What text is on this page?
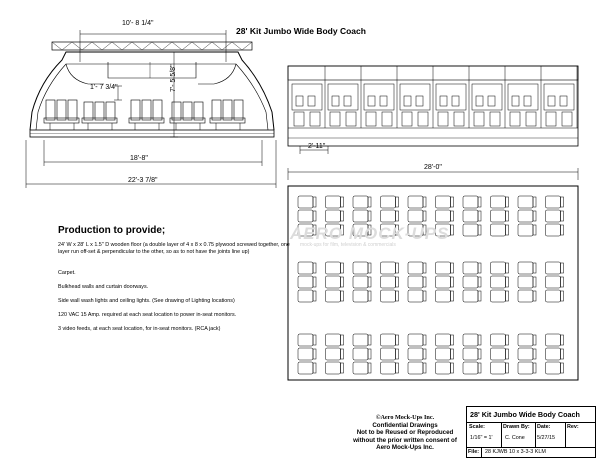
AERO MOCK-UPS
mock-ups for film, television & commercials
28' Kit Jumbo Wide Body Coach
10'- 8 1/4"
1'- 7 3/4"	7'- 5 5/8"
18'-8"
22'-3 7/8"
2'-11"
28'-0"
Production to provide;
24' W x 28' L x 1.5" D wooden floor (a double layer of 4 x 8 x 0.75 plywood screwed together, one layer run off-set & perpendicular to the other, so as to not have the joints line up)
Carpet.
Bulkhead walls and curtain doorways.
Side wall wash lights and ceiling lights. (See drawing of Lighting locations)
120 VAC 15 Amp. required at each seat location to power in-seat monitors.
3 video feeds, at each seat location, for in-seat monitors. (RCA jack)
©Aero Mock-Ups Inc.
Confidential Drawings
Not to be Reused or Reproduced
without the prior written consent of
Aero Mock-Ups Inc.
28' Kit Jumbo Wide Body Coach
Scale:
1/16" = 1'
Drawn By:
C. Cone
Date:
5/27/15
Rev:
File: 28 KJWB 10 x 3-3-3 KLM
